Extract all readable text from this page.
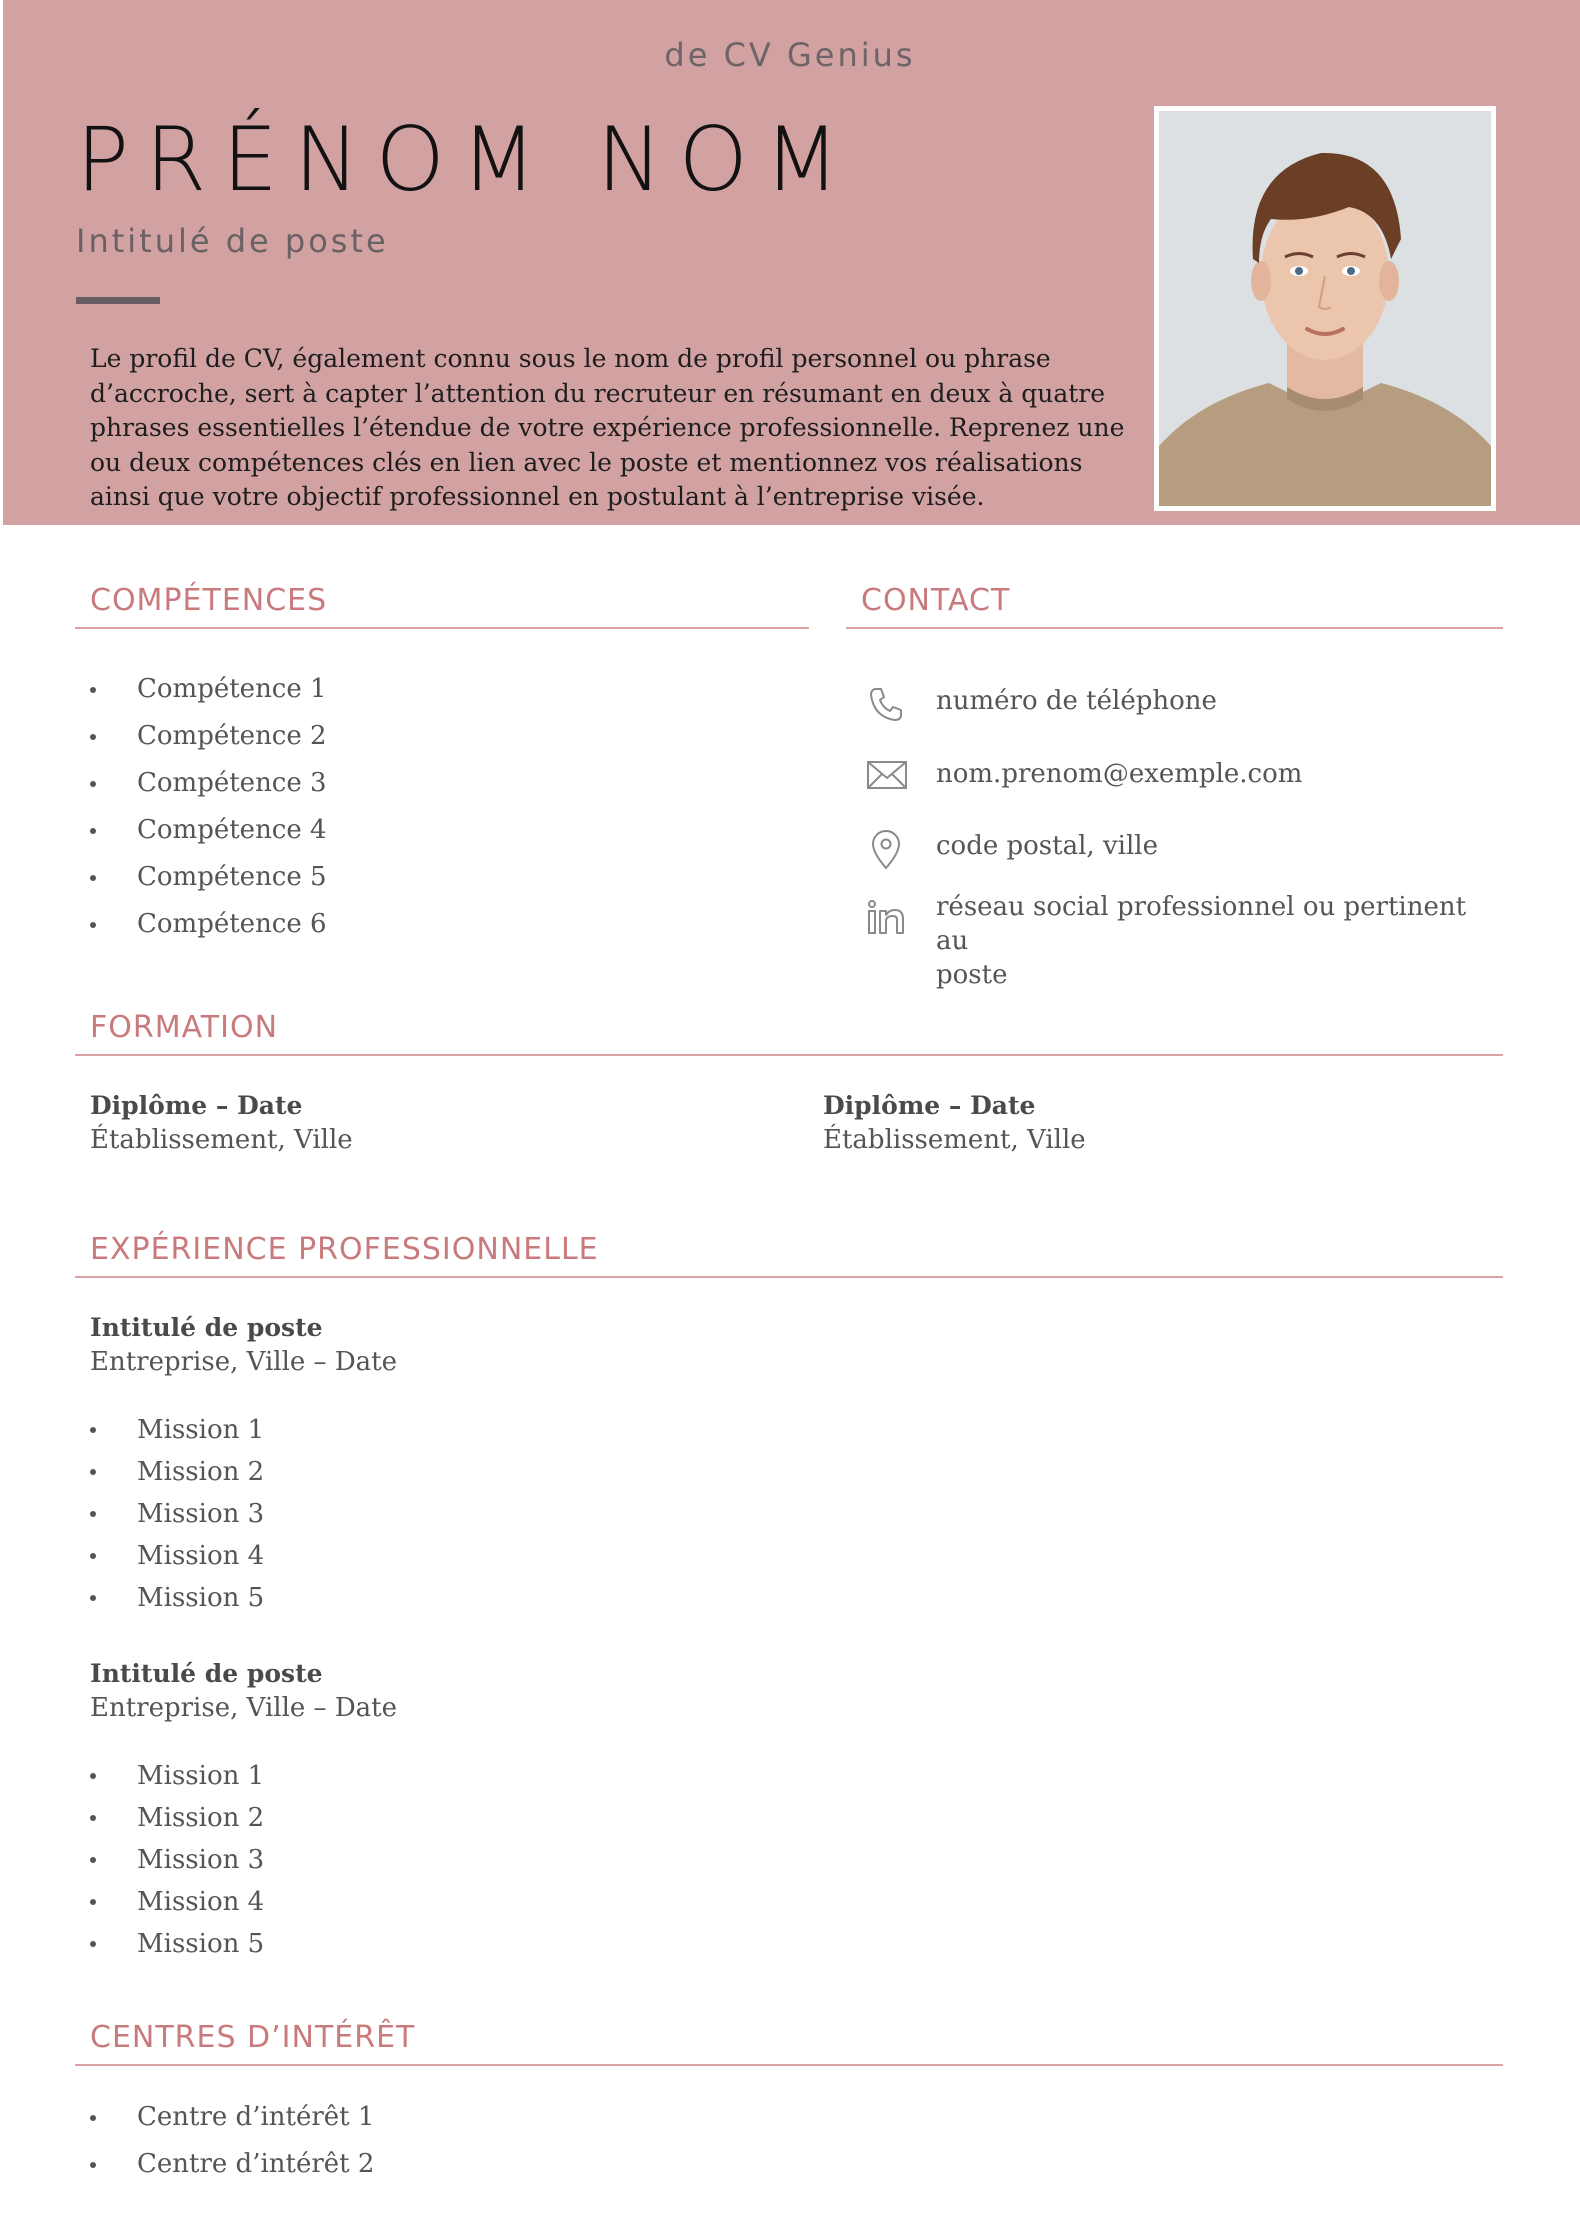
de CV Genius
PRÉNOM NOM
Intitulé de poste
Le profil de CV, également connu sous le nom de profil personnel ou phrase d’accroche, sert à capter l’attention du recruteur en résumant en deux à quatre phrases essentielles l’étendue de votre expérience professionnelle. Reprenez une ou deux compétences clés en lien avec le poste et mentionnez vos réalisations ainsi que votre objectif professionnel en postulant à l’entreprise visée.
COMPÉTENCES
Compétence 1
Compétence 2
Compétence 3
Compétence 4
Compétence 5
Compétence 6
CONTACT
numéro de téléphone
nom.prenom@exemple.com
code postal, ville
réseau social professionnel ou pertinent au
poste
FORMATION
Diplôme – Date
Établissement, Ville
Diplôme – Date
Établissement, Ville
EXPÉRIENCE PROFESSIONNELLE
Intitulé de poste
Entreprise, Ville – Date
Mission 1
Mission 2
Mission 3
Mission 4
Mission 5
Intitulé de poste
Entreprise, Ville – Date
Mission 1
Mission 2
Mission 3
Mission 4
Mission 5
CENTRES D’INTÉRÊT
Centre d’intérêt 1
Centre d’intérêt 2
